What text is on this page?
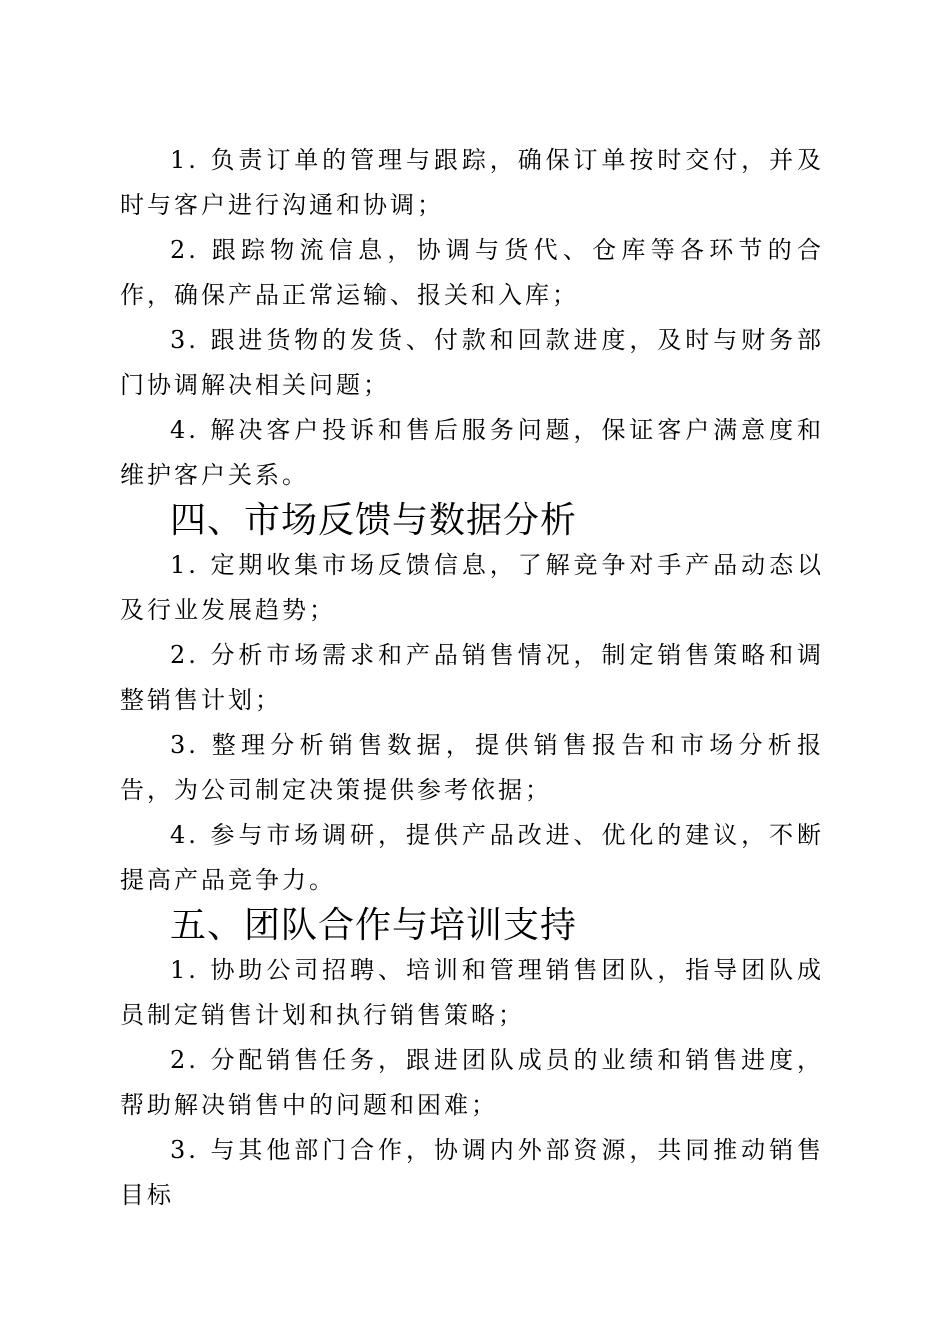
1. 负责订单的管理与跟踪，确保订单按时交付，并及时与客户进行沟通和协调；

2. 跟踪物流信息，协调与货代、仓库等各环节的合作，确保产品正常运输、报关和入库；

3. 跟进货物的发货、付款和回款进度，及时与财务部门协调解决相关问题；

4. 解决客户投诉和售后服务问题，保证客户满意度和维护客户关系。

四、市场反馈与数据分析

1. 定期收集市场反馈信息，了解竞争对手产品动态以及行业发展趋势；

2. 分析市场需求和产品销售情况，制定销售策略和调整销售计划；

3. 整理分析销售数据，提供销售报告和市场分析报告，为公司制定决策提供参考依据；

4. 参与市场调研，提供产品改进、优化的建议，不断提高产品竞争力。

五、团队合作与培训支持

1. 协助公司招聘、培训和管理销售团队，指导团队成员制定销售计划和执行销售策略；

2. 分配销售任务，跟进团队成员的业绩和销售进度，帮助解决销售中的问题和困难；

3. 与其他部门合作，协调内外部资源，共同推动销售目标
